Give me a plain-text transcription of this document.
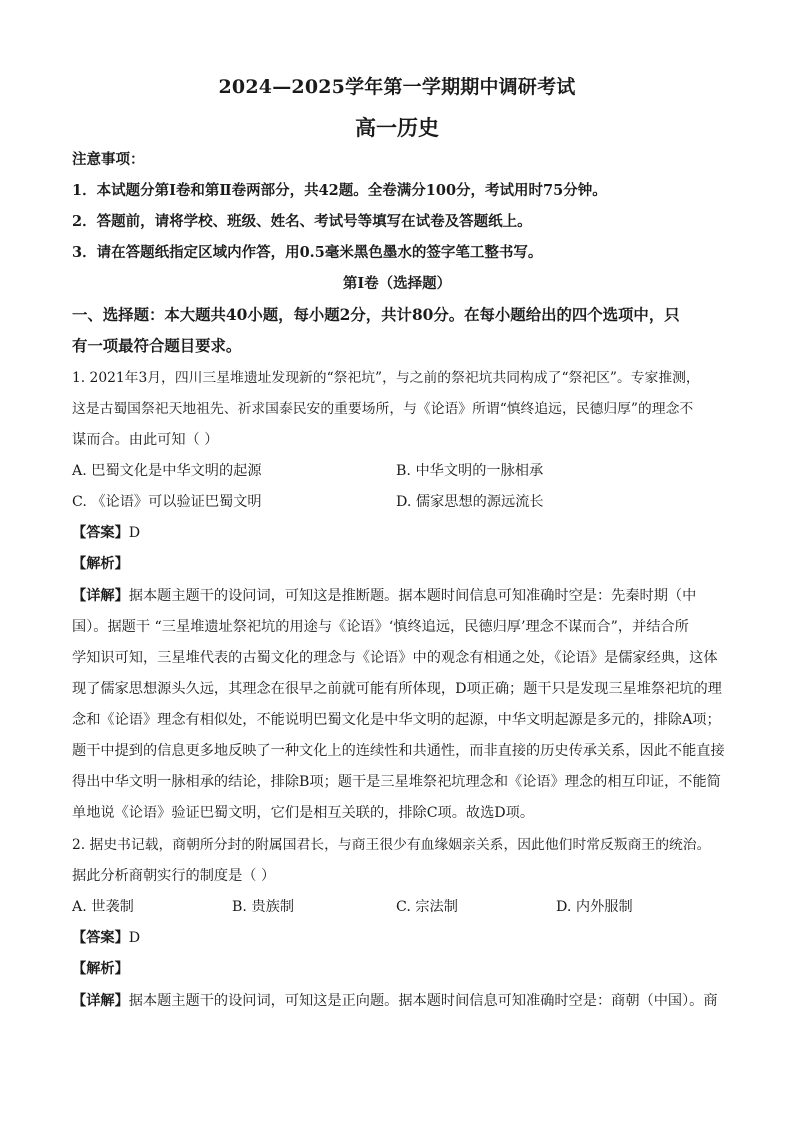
2024—2025学年第一学期期中调研考试
高一历史
注意事项：
1．本试题分第Ⅰ卷和第Ⅱ卷两部分，共42题。全卷满分100分，考试用时75分钟。
2．答题前，请将学校、班级、姓名、考试号等填写在试卷及答题纸上。
3．请在答题纸指定区域内作答，用0.5毫米黑色墨水的签字笔工整书写。
第Ⅰ卷（选择题）
一、选择题：本大题共40小题，每小题2分，共计80分。在每小题给出的四个选项中，只
有一项最符合题目要求。
1. 2021年3月，四川三星堆遗址发现新的“祭祀坑”，与之前的祭祀坑共同构成了“祭祀区”。专家推测，
这是古蜀国祭祀天地祖先、祈求国泰民安的重要场所，与《论语》所谓“慎终追远，民德归厚”的理念不
谋而合。由此可知（ ）
A. 巴蜀文化是中华文明的起源	B. 中华文明的一脉相承
C. 《论语》可以验证巴蜀文明	D. 儒家思想的源远流长
【答案】D
【解析】
【详解】据本题主题干的设问词，可知这是推断题。据本题时间信息可知准确时空是：先秦时期（中
国）。据题干 “三星堆遗址祭祀坑的用途与《论语》‘慎终追远，民德归厚’理念不谋而合”，并结合所
学知识可知，三星堆代表的古蜀文化的理念与《论语》中的观念有相通之处，《论语》是儒家经典，这体
现了儒家思想源头久远，其理念在很早之前就可能有所体现，D项正确；题干只是发现三星堆祭祀坑的理
念和《论语》理念有相似处，不能说明巴蜀文化是中华文明的起源，中华文明起源是多元的，排除A项；
题干中提到的信息更多地反映了一种文化上的连续性和共通性，而非直接的历史传承关系，因此不能直接
得出中华文明一脉相承的结论，排除B项；题干是三星堆祭祀坑理念和《论语》理念的相互印证，不能简
单地说《论语》验证巴蜀文明，它们是相互关联的，排除C项。故选D项。
2. 据史书记载，商朝所分封的附属国君长，与商王很少有血缘姻亲关系，因此他们时常反叛商王的统治。
据此分析商朝实行的制度是（ ）
A. 世袭制	B. 贵族制	C. 宗法制	D. 内外服制
【答案】D
【解析】
【详解】据本题主题干的设问词，可知这是正向题。据本题时间信息可知准确时空是：商朝（中国）。商
